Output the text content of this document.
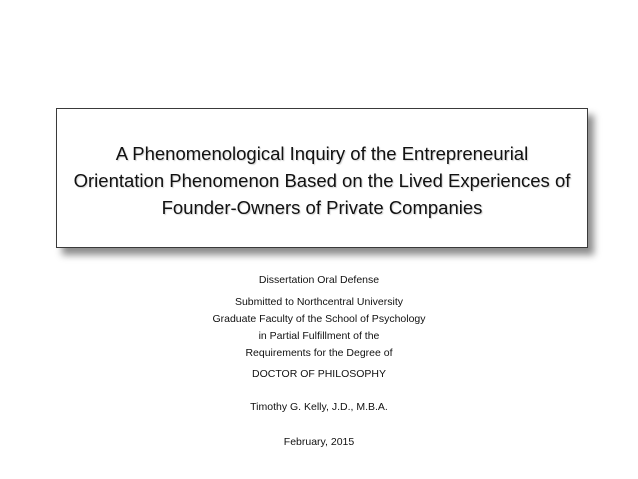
A Phenomenological Inquiry of the Entrepreneurial
Orientation Phenomenon Based on the Lived Experiences of
Founder-Owners of Private Companies
Dissertation Oral Defense
Submitted to Northcentral University
Graduate Faculty of the School of Psychology
in Partial Fulfillment of the
Requirements for the Degree of
DOCTOR OF PHILOSOPHY
Timothy G. Kelly, J.D., M.B.A.
February, 2015
